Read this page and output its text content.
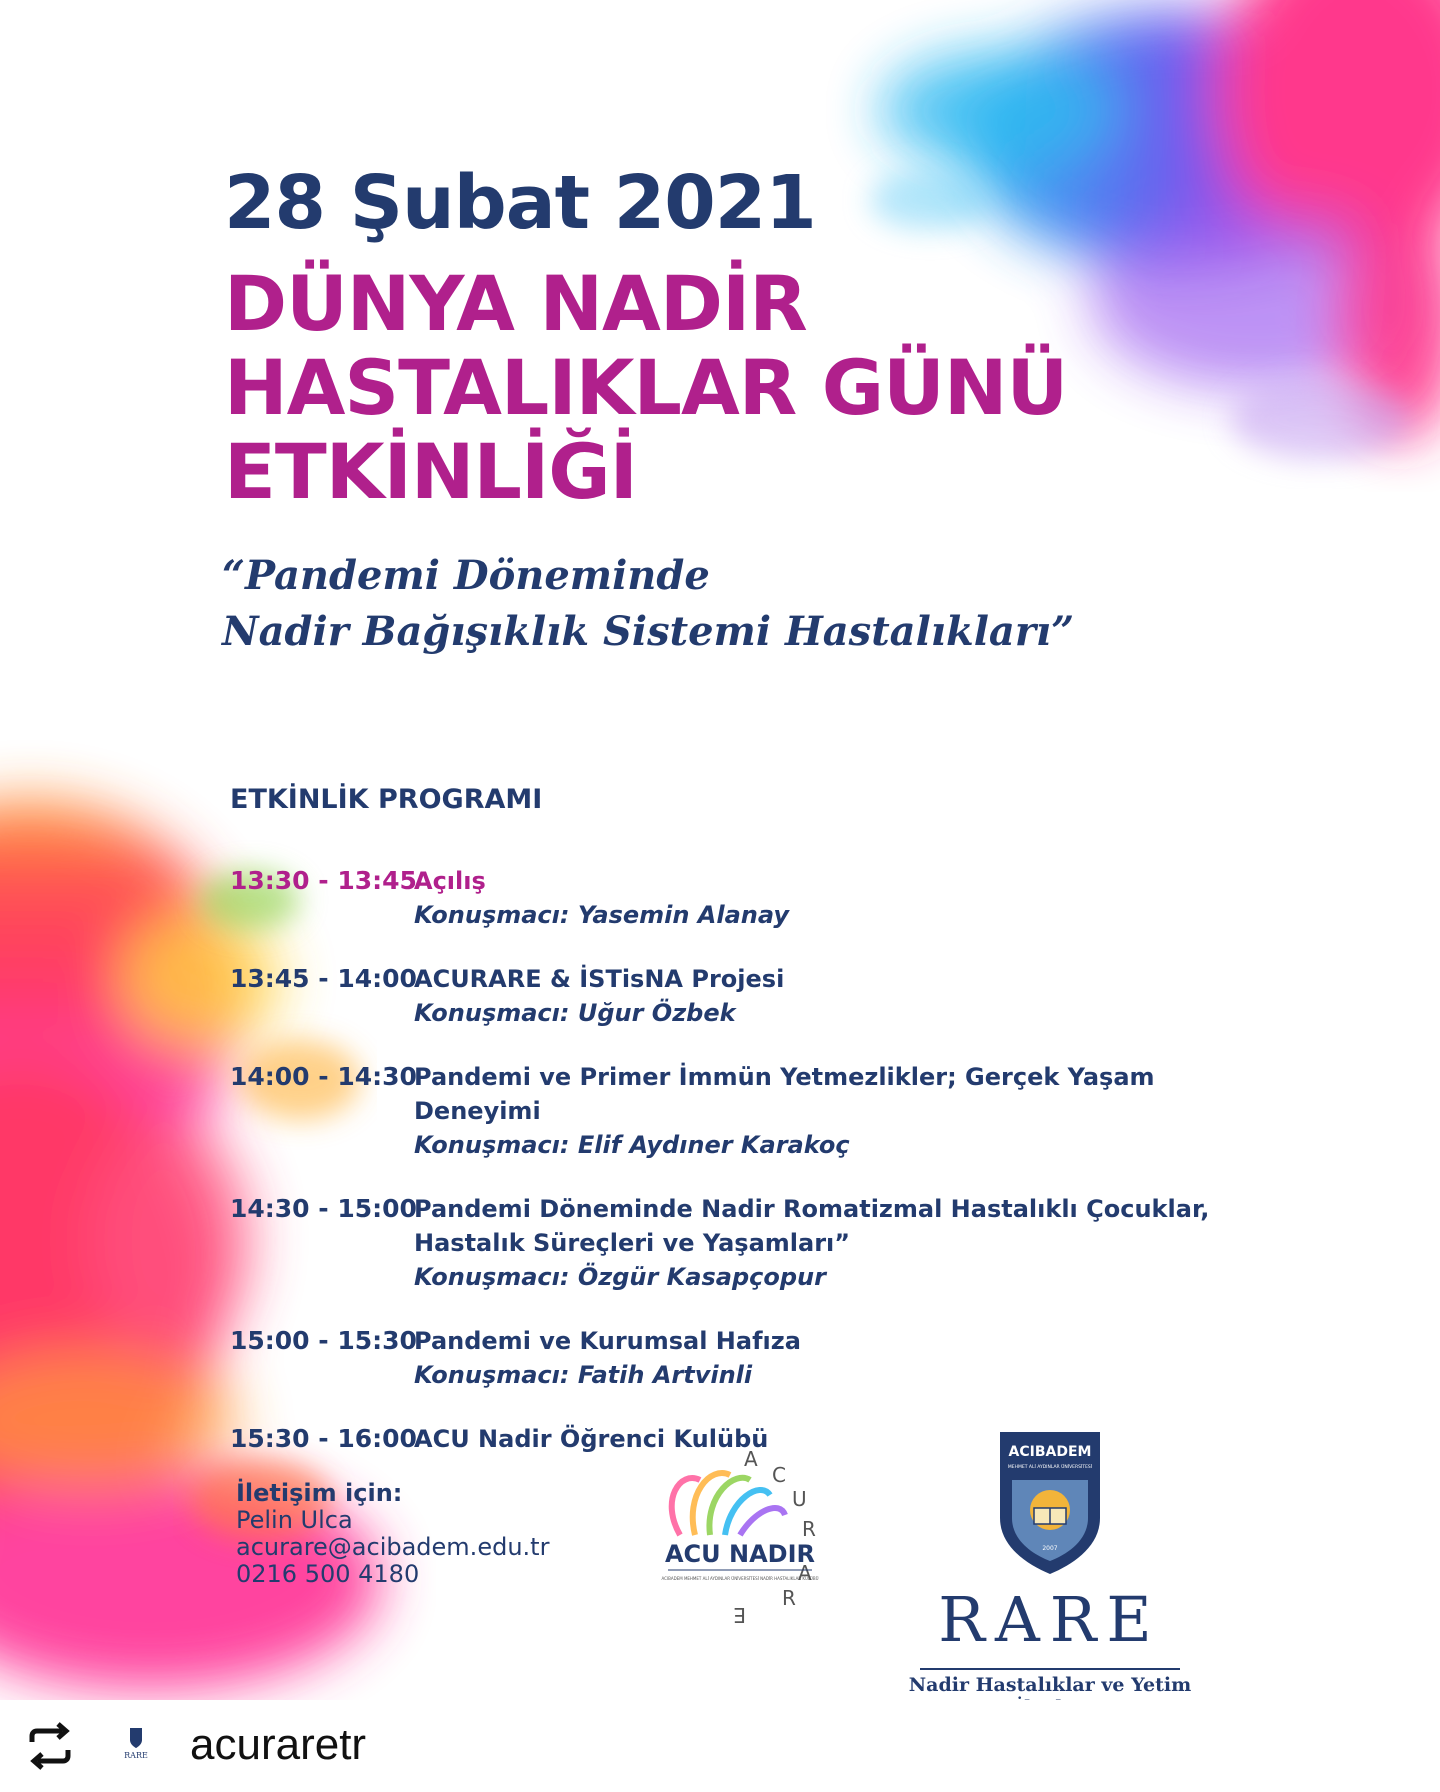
28 Şubat 2021
DÜNYA NADİR
HASTALIKLAR GÜNÜ
ETKİNLİĞİ
“Pandemi Döneminde
Nadir Bağışıklık Sistemi Hastalıkları”
ETKİNLİK PROGRAMI
13:30 - 13:45
Açılış
Konuşmacı: Yasemin Alanay
13:45 - 14:00
ACURARE & İSTisNA Projesi
Konuşmacı: Uğur Özbek
14:00 - 14:30
Pandemi ve Primer İmmün Yetmezlikler; Gerçek Yaşam Deneyimi
Konuşmacı: Elif Aydıner Karakoç
14:30 - 15:00
Pandemi Döneminde Nadir Romatizmal Hastalıklı Çocuklar,
Hastalık Süreçleri ve Yaşamları”
Konuşmacı: Özgür Kasapçopur
15:00 - 15:30
Pandemi ve Kurumsal Hafıza
Konuşmacı: Fatih Artvinli
15:30 - 16:00
ACU Nadir Öğrenci Kulübü
İletişim için:
Pelin Ulca
acurare@acibadem.edu.tr
0216 500 4180
A
C
U
R
A
R
E
ACU NADIR
ACIBADEM MEHMET ALİ AYDINLAR ÜNİVERSİTESİ NADİR HASTALIKLAR KULÜBÜ
ACIBADEM
MEHMET ALİ AYDINLAR ÜNİVERSİTESİ
2007
RARE
Nadir Hastalıklar ve Yetim
RARE acuraretr
